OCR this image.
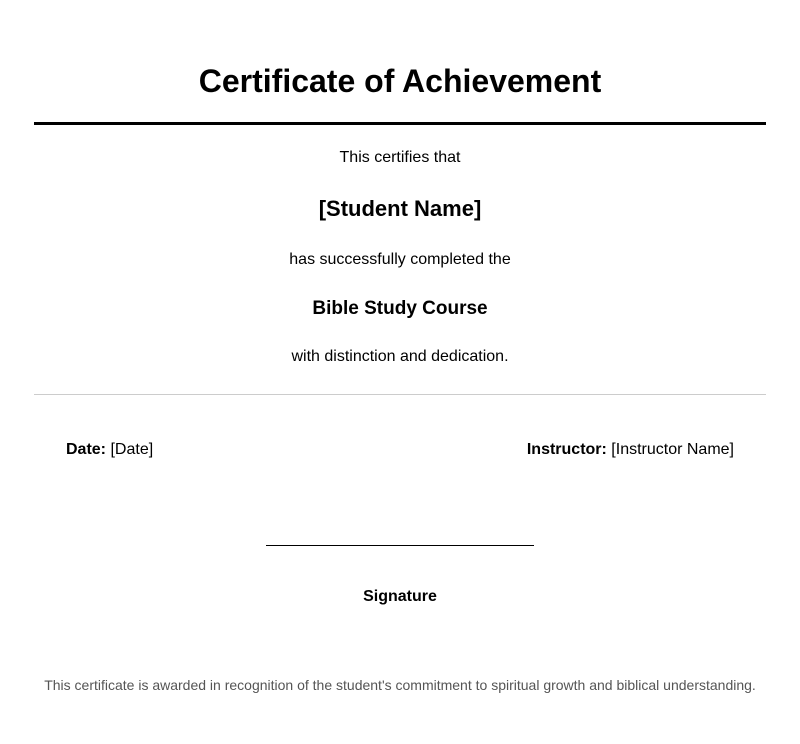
Certificate of Achievement
This certifies that
[Student Name]
has successfully completed the
Bible Study Course
with distinction and dedication.
Date: [Date]	Instructor: [Instructor Name]
Signature
This certificate is awarded in recognition of the student's commitment to spiritual growth and biblical understanding.
